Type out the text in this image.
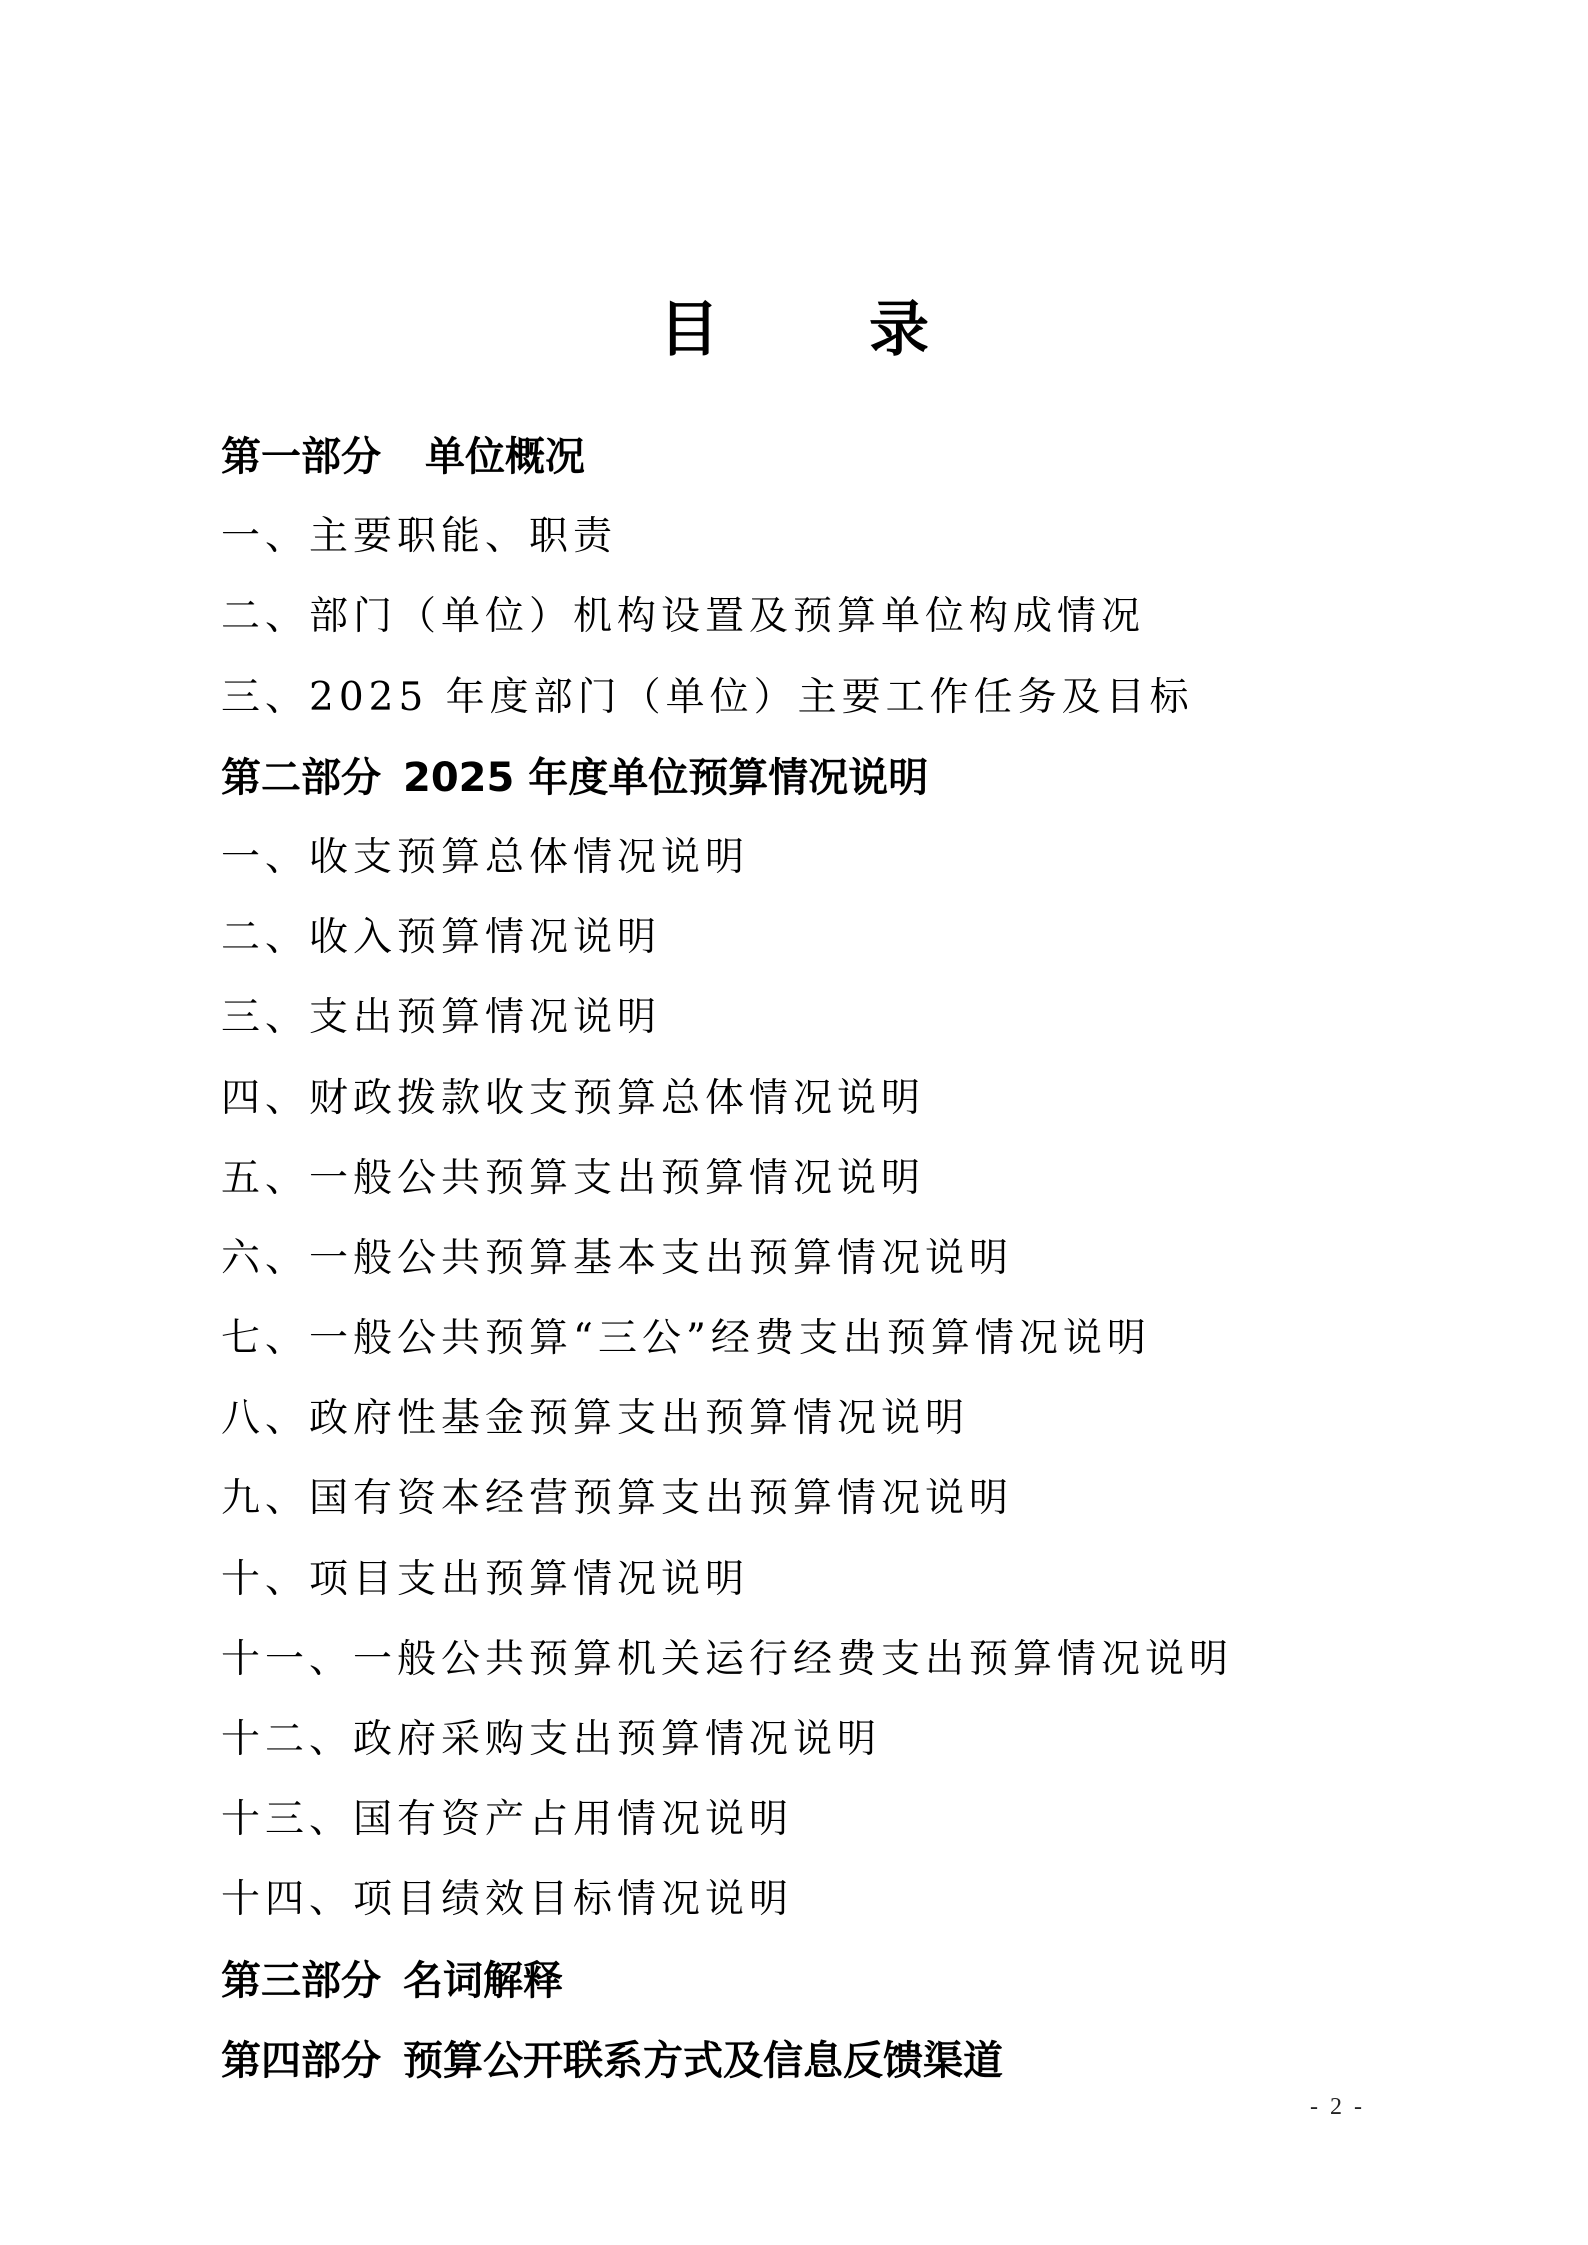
目	录
第一部分 单位概况
一、主要职能、职责
二、部门（单位）机构设置及预算单位构成情况
三、2025 年度部门（单位）主要工作任务及目标
第二部分 2025 年度单位预算情况说明
一、收支预算总体情况说明
二、收入预算情况说明
三、支出预算情况说明
四、财政拨款收支预算总体情况说明
五、一般公共预算支出预算情况说明
六、一般公共预算基本支出预算情况说明
七、一般公共预算“三公”经费支出预算情况说明
八、政府性基金预算支出预算情况说明
九、国有资本经营预算支出预算情况说明
十、项目支出预算情况说明
十一、一般公共预算机关运行经费支出预算情况说明
十二、政府采购支出预算情况说明
十三、国有资产占用情况说明
十四、项目绩效目标情况说明
第三部分 名词解释
第四部分 预算公开联系方式及信息反馈渠道
- 2 -
